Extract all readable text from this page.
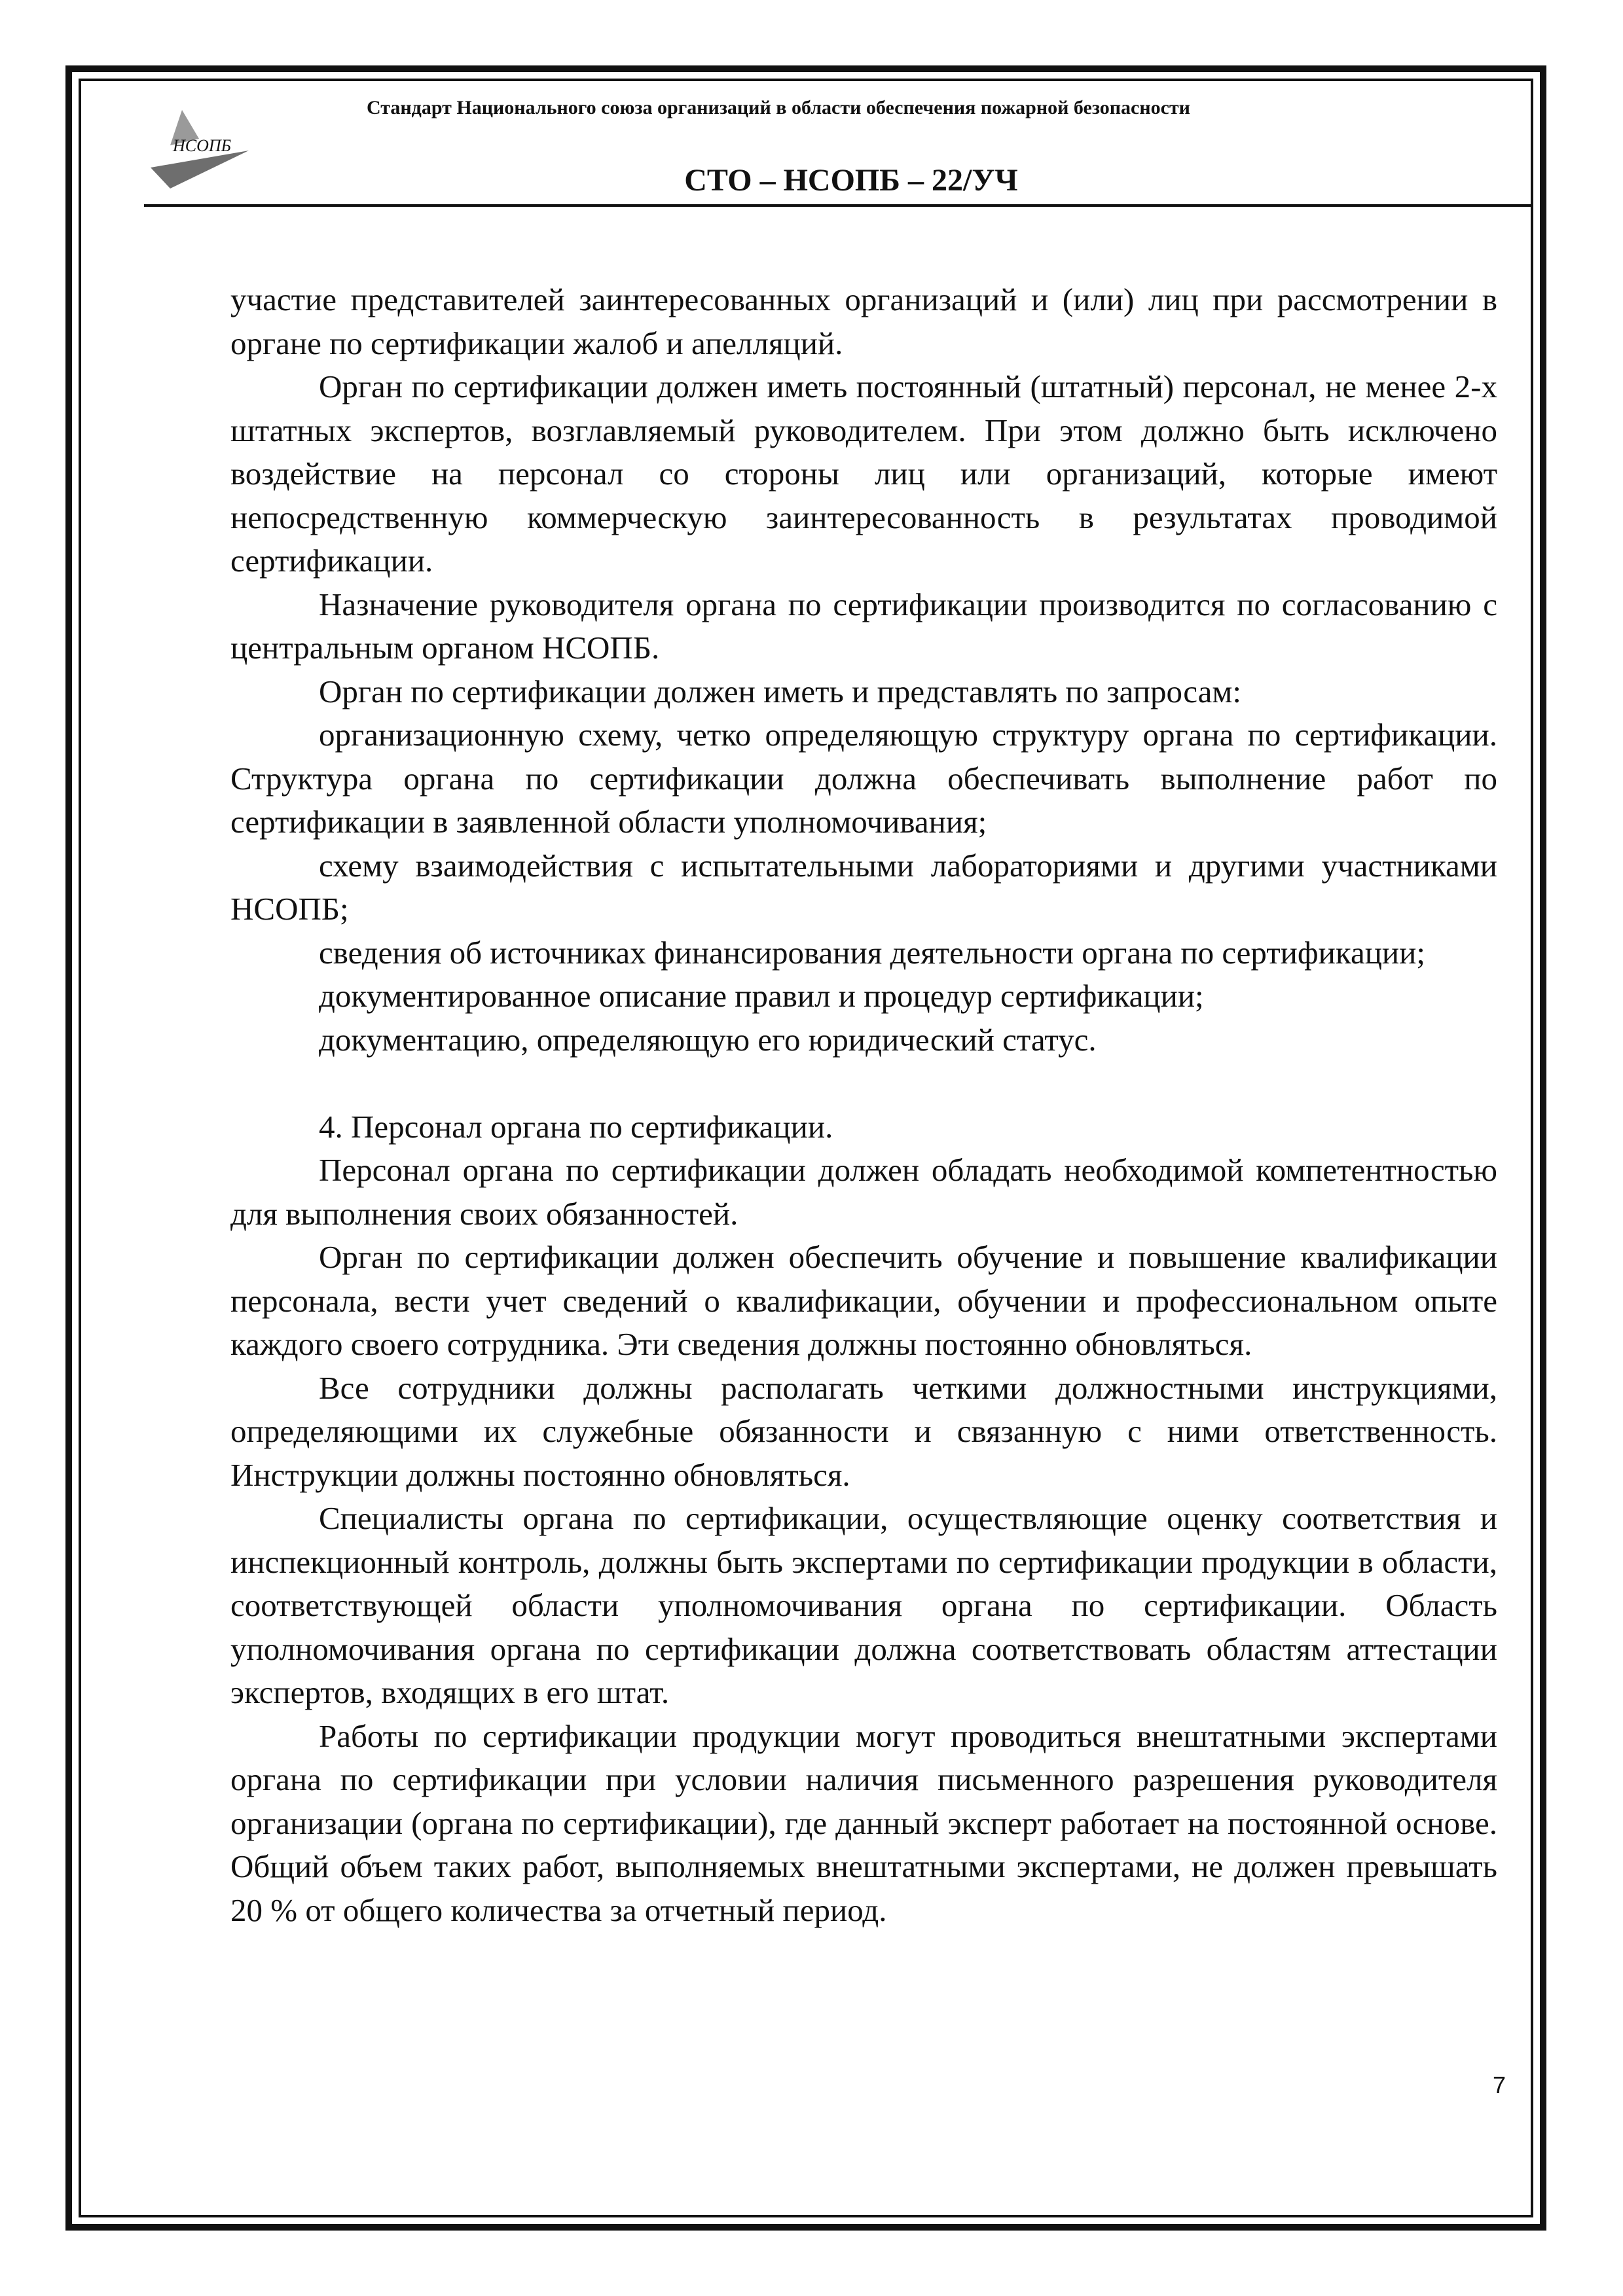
НСОПБ
Стандарт Национального союза организаций в области обеспечения пожарной безопасности
СТО – НСОПБ – 22/УЧ

участие представителей заинтересованных организаций и (или) лиц при рассмотрении в органе по сертификации жалоб и апелляций.

Орган по сертификации должен иметь постоянный (штатный) персонал, не менее 2-х штатных экспертов, возглавляемый руководителем. При этом должно быть исключено воздействие на персонал со стороны лиц или организаций, которые имеют непосредственную коммерческую заинтересованность в результатах проводимой сертификации.

Назначение руководителя органа по сертификации производится по согласованию с центральным органом НСОПБ.

Орган по сертификации должен иметь и представлять по запросам:

организационную схему, четко определяющую структуру органа по сертификации. Структура органа по сертификации должна обеспечивать выполнение работ по сертификации в заявленной области уполномочивания;

схему взаимодействия с испытательными лабораториями и другими участниками НСОПБ;

сведения об источниках финансирования деятельности органа по сертификации;

документированное описание правил и процедур сертификации;

документацию, определяющую его юридический статус.

4. Персонал органа по сертификации.

Персонал органа по сертификации должен обладать необходимой компетентностью для выполнения своих обязанностей.

Орган по сертификации должен обеспечить обучение и повышение квалификации персонала, вести учет сведений о квалификации, обучении и профессиональном опыте каждого своего сотрудника. Эти сведения должны постоянно обновляться.

Все сотрудники должны располагать четкими должностными инструкциями, определяющими их служебные обязанности и связанную с ними ответственность. Инструкции должны постоянно обновляться.

Специалисты органа по сертификации, осуществляющие оценку соответствия и инспекционный контроль, должны быть экспертами по сертификации продукции в области, соответствующей области уполномочивания органа по сертификации. Область уполномочивания органа по сертификации должна соответствовать областям аттестации экспертов, входящих в его штат.

Работы по сертификации продукции могут проводиться внештатными экспертами органа по сертификации при условии наличия письменного разрешения руководителя организации (органа по сертификации), где данный эксперт работает на постоянной основе. Общий объем таких работ, выполняемых внештатными экспертами, не должен превышать 20 % от общего количества за отчетный период.

7
